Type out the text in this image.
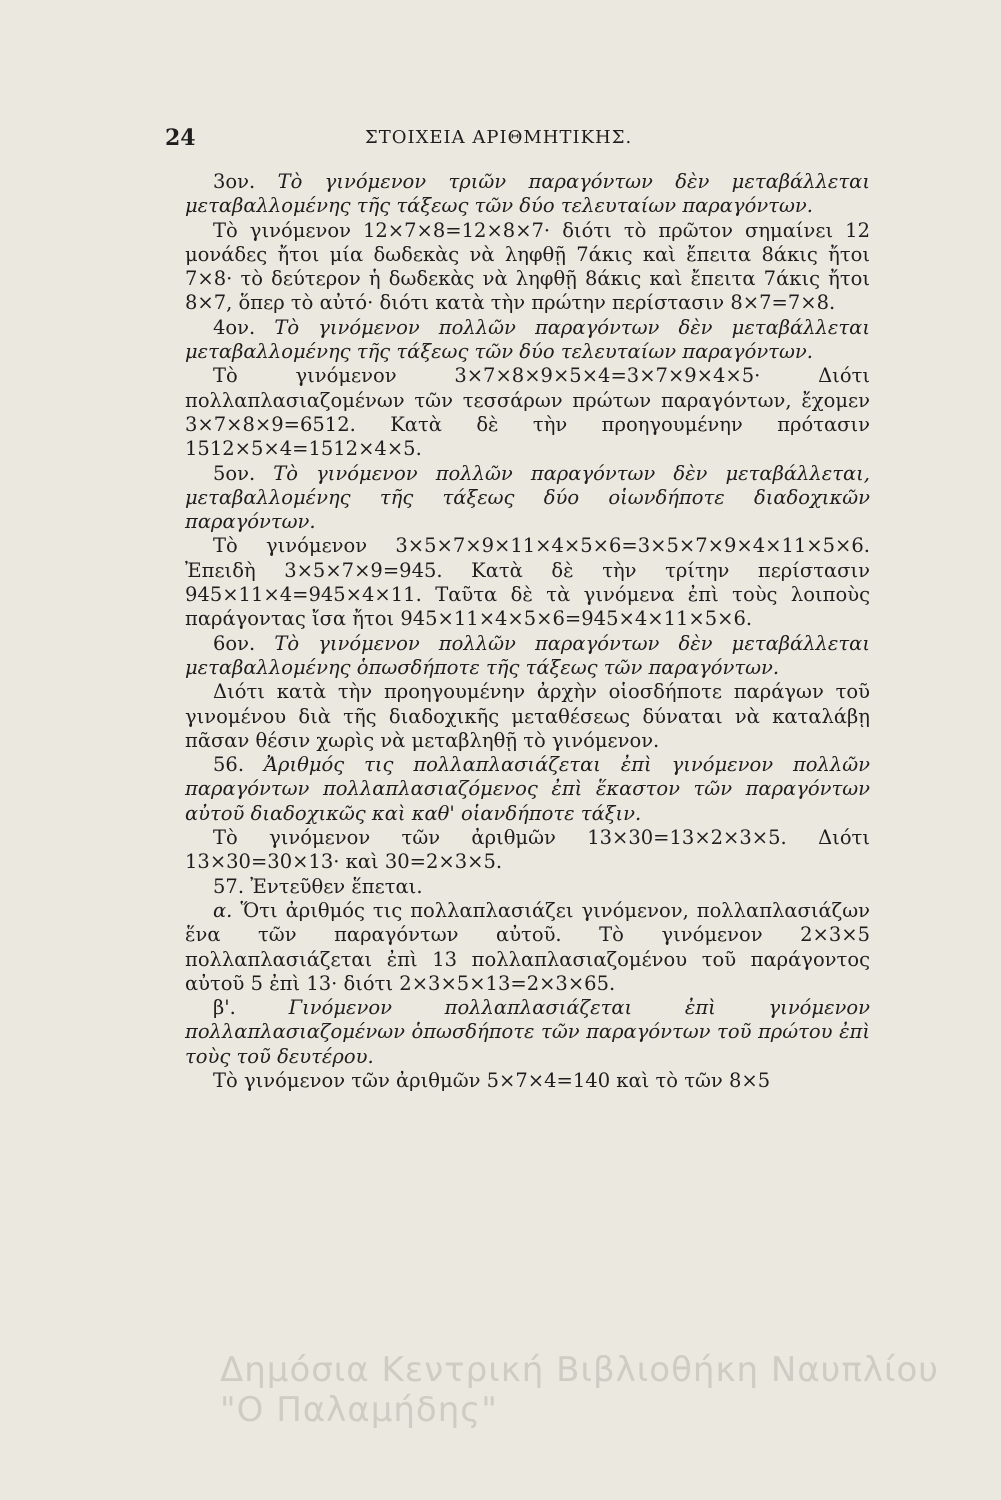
24	ΣΤΟΙΧΕΙΑ ΑΡΙΘΜΗΤΙΚΗΣ.

3ον. Τὸ γινόμενον τριῶν παραγόντων δὲν μεταβάλλεται μεταβαλλομένης τῆς τάξεως τῶν δύο τελευταίων παραγόντων.

Τὸ γινόμενον 12×7×8=12×8×7· διότι τὸ πρῶτον σημαίνει 12 μονάδες ἤτοι μία δωδεκὰς νὰ ληφθῇ 7άκις καὶ ἔπειτα 8άκις ἤτοι 7×8· τὸ δεύτερον ἡ δωδεκὰς νὰ ληφθῇ 8άκις καὶ ἔπειτα 7άκις ἤτοι 8×7, ὅπερ τὸ αὐτό· διότι κατὰ τὴν πρώτην περίστασιν 8×7=7×8.

4ον. Τὸ γινόμενον πολλῶν παραγόντων δὲν μεταβάλλεται μεταβαλλομένης τῆς τάξεως τῶν δύο τελευταίων παραγόντων.

Τὸ γινόμενον 3×7×8×9×5×4=3×7×9×4×5· Διότι πολλαπλασιαζομένων τῶν τεσσάρων πρώτων παραγόντων, ἔχομεν 3×7×8×9=6512. Κατὰ δὲ τὴν προηγουμένην πρότασιν 1512×5×4=1512×4×5.

5ον. Τὸ γινόμενον πολλῶν παραγόντων δὲν μεταβάλλεται, μεταβαλλομένης τῆς τάξεως δύο οἱωνδήποτε διαδοχικῶν παραγόντων.

Τὸ γινόμενον 3×5×7×9×11×4×5×6=3×5×7×9×4×11×5×6. Ἐπειδὴ 3×5×7×9=945. Κατὰ δὲ τὴν τρίτην περίστασιν 945×11×4=945×4×11. Ταῦτα δὲ τὰ γινόμενα ἐπὶ τοὺς λοιποὺς παράγοντας ἴσα ἤτοι 945×11×4×5×6=945×4×11×5×6.

6ον. Τὸ γινόμενον πολλῶν παραγόντων δὲν μεταβάλλεται μεταβαλλομένης ὁπωσδήποτε τῆς τάξεως τῶν παραγόντων.

Διότι κατὰ τὴν προηγουμένην ἀρχὴν οἱοσδήποτε παράγων τοῦ γινομένου διὰ τῆς διαδοχικῆς μεταθέσεως δύναται νὰ καταλάβῃ πᾶσαν θέσιν χωρὶς νὰ μεταβληθῇ τὸ γινόμενον.

56. Ἀριθμός τις πολλαπλασιάζεται ἐπὶ γινόμενον πολλῶν παραγόντων πολλαπλασιαζόμενος ἐπὶ ἕκαστον τῶν παραγόντων αὐτοῦ διαδοχικῶς καὶ καθ' οἱανδήποτε τάξιν.

Τὸ γινόμενον τῶν ἀριθμῶν 13×30=13×2×3×5. Διότι 13×30=30×13· καὶ 30=2×3×5.

57. Ἐντεῦθεν ἕπεται.

α. Ὅτι ἀριθμός τις πολλαπλασιάζει γινόμενον, πολλαπλασιάζων ἕνα τῶν παραγόντων αὐτοῦ. Τὸ γινόμενον 2×3×5 πολλαπλασιάζεται ἐπὶ 13 πολλαπλασιαζομένου τοῦ παράγοντος αὐτοῦ 5 ἐπὶ 13· διότι 2×3×5×13=2×3×65.

β'.	Γινόμενον πολλαπλασιάζεται ἐπὶ γινόμενον πολλαπλασιαζομένων ὁπωσδήποτε τῶν παραγόντων τοῦ πρώτου ἐπὶ τοὺς τοῦ δευτέρου.

Τὸ γινόμενον τῶν ἀριθμῶν 5×7×4=140 καὶ τὸ τῶν 8×5

Δημόσια Κεντρική Βιβλιοθήκη Ναυπλίου
"Ο Παλαμήδης"
